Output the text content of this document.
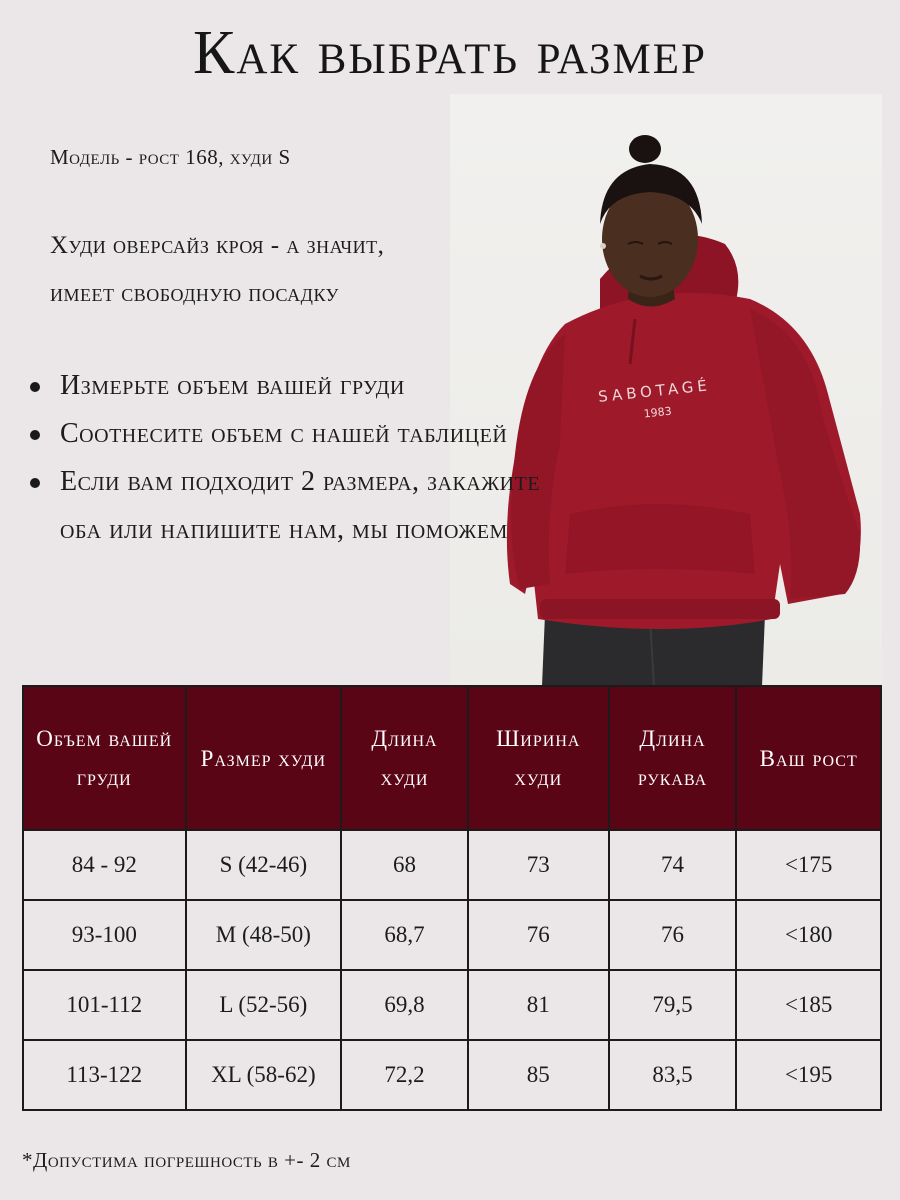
Как выбрать размер
SABOTAGÉ
1983
Модель - рост 168, худи S
Худи оверсайз кроя - а значит,
имеет свободную посадку
Измерьте объем вашей груди
Соотнесите объем с нашей таблицей
Если вам подходит 2 размера, закажите оба или напишите нам, мы поможем
Объем вашей груди	Размер худи	Длина худи	Ширина худи	Длина рукава	Ваш рост
84 - 92	S (42-46)	68	73	74	<175
93-100	M (48-50)	68,7	76	76	<180
101-112	L (52-56)	69,8	81	79,5	<185
113-122	XL (58-62)	72,2	85	83,5	<195
*Допустима погрешность в +- 2 см
